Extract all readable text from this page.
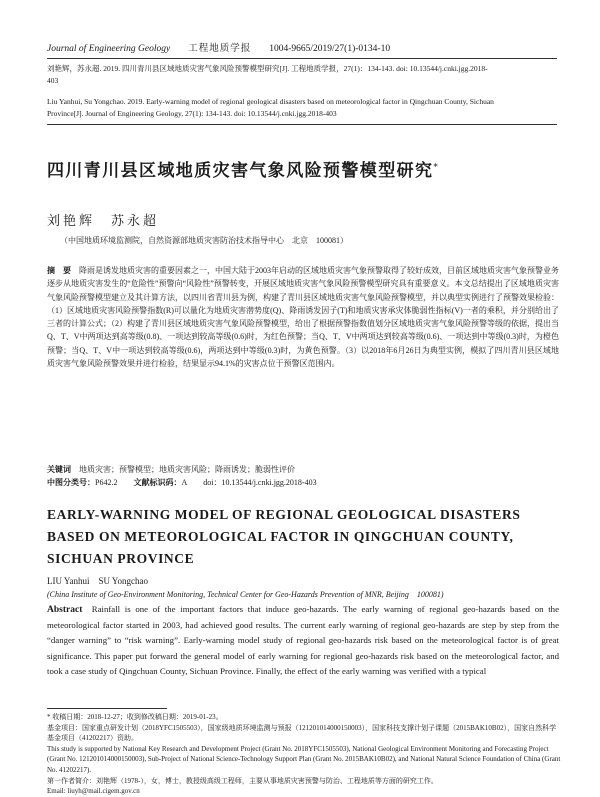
Journal of Engineering Geology 工程地质学报 1004-9665/2019/27(1)-0134-10
刘艳辉，苏永超. 2019. 四川青川县区域地质灾害气象风险预警模型研究[J]. 工程地质学报，27(1)：134-143. doi: 10.13544/j.cnki.jgg.2018-
403
Liu Yanhui, Su Yongchao. 2019. Early-warning model of regional geological disasters based on meteorological factor in Qingchuan County, Sichuan
Province[J]. Journal of Engineering Geology, 27(1): 134-143. doi: 10.13544/j.cnki.jgg.2018-403
四川青川县区域地质灾害气象风险预警模型研究*
刘艳辉　苏永超
（中国地质环境监测院，自然资源部地质灾害防治技术指导中心　北京　100081）
摘　要　 降雨是诱发地质灾害的重要因素之一，中国大陆于2003年启动的区域地质灾害气象预警取得了较好成效，目前区域地质灾害气象预警业务逐步从地质灾害发生的“危险性”预警向“风险性”预警转变，开展区域地质灾害气象风险预警模型研究具有重要意义。本文总结提出了区域地质灾害气象风险预警模型建立及其计算方法，以四川省青川县为例，构建了青川县区域地质灾害气象风险预警模型，并以典型实例进行了预警效果检验：（1）区域地质灾害风险预警指数(R)可以量化为地质灾害潜势度(Q)、降雨诱发因子(T)和地质灾害承灾体脆弱性指标(V)一者的乘积，并分别给出了三者的计算公式；（2）构建了青川县区域地质灾害气象风险预警模型，给出了根据预警指数值划分区域地质灾害气象风险预警等级的依据，提出当Q、T、V中两项达到高等级(0.8)、一项达到较高等级(0.6)时，为红色预警；当Q、T、V中两项达到较高等级(0.6)、一项达到中等级(0.3)时，为橙色预警；当Q、T、V中一项达到较高等级(0.6)，两项达到中等级(0.3)时，为黄色预警。（3）以2018年6月26日为典型实例，模拟了四川青川县区域地质灾害气象风险预警效果并进行检验，结果显示94.1%的灾害点位于预警区范围内。
关键词　 地质灾害；预警模型；地质灾害风险；降雨诱发；脆弱性评价
中图分类号：P642.2 文献标识码：A doi：10.13544/j.cnki.jgg.2018-403
EARLY-WARNING MODEL OF REGIONAL GEOLOGICAL DISASTERS BASED ON METEOROLOGICAL FACTOR IN QINGCHUAN COUNTY, SICHUAN PROVINCE
LIU Yanhui　SU Yongchao
(China Institute of Geo-Environment Monitoring, Technical Center for Geo-Hazards Prevention of MNR, Beijing　100081)
Abstract Rainfall is one of the important factors that induce geo-hazards. The early warning of regional geo-hazards based on the meteorological factor started in 2003, had achieved good results. The current early warning of regional geo-hazards are step by step from the “danger warning” to “risk warning”. Early-warning model study of regional geo-hazards risk based on the meteorological factor is of great significance. This paper put forward the general model of early warning for regional geo-hazards risk based on the meteorological factor, and took a case study of Qingchuan County, Sichuan Province. Finally, the effect of the early warning was verified with a typical

* 收稿日期：2018-12-27；收到修改稿日期：2019-01-23。

基金项目：国家重点研发计划（2018YFC1505503），国家级地质环境监测与预报（121201014000150003），国家科技支撑计划子课题（2015BAK10B02），国家自然科学基金项目（41202217）资助。

This study is supported by National Key Research and Development Project (Grant No. 2018YFC1505503), National Geological Environment Monitoring and Forecasting Project (Grant No. 121201014000150003), Sub-Project of National Science-Technology Support Plan (Grant No. 2015BAK10B02), and National Natural Science Foundation of China (Grant No. 41202217).

第一作者简介：刘艳辉（1978-），女，博士，教授级高级工程师，主要从事地质灾害预警与防治、工程地质等方面的研究工作。

Email: liuyh@mail.cigem.gov.cn
